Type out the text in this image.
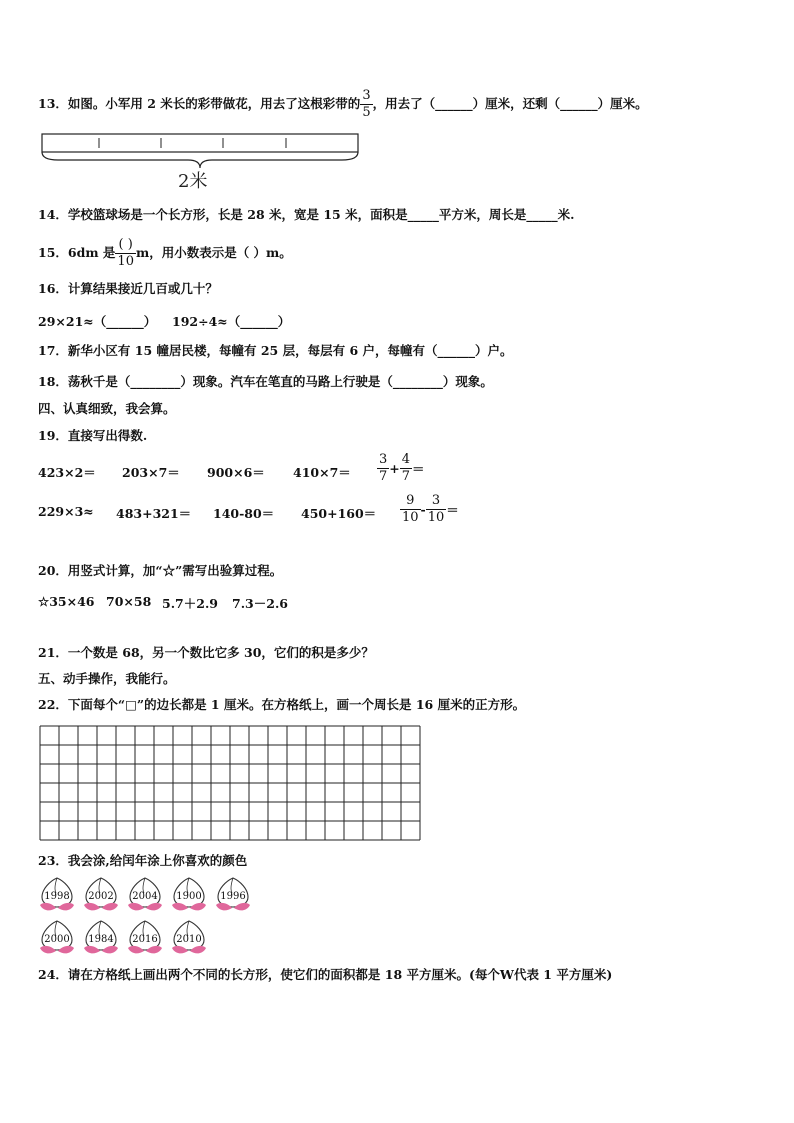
13．如图。小军用 2 米长的彩带做花，用去了这根彩带的 $\frac{3}{5}$ ，用去了（______）厘米，还剩（______）厘米。
2米
14．学校篮球场是一个长方形，长是 28 米，宽是 15 米，面积是_____平方米，周长是_____米.
15．6dm 是 $\frac{( )}{10}$ m，用小数表示是（ ）m。
16．计算结果接近几百或几十？
29×21≈（______） 192÷4≈（______）
17．新华小区有 15 幢居民楼，每幢有 25 层，每层有 6 户，每幢有（______）户。
18．荡秋千是（________）现象。汽车在笔直的马路上行驶是（________）现象。
四、认真细致，我会算。
19．直接写出得数.
$423\times 2= 203\times 7= 900\times 6= 410\times 7= \frac{3}{7} + \frac{4}{7}$ ＝
$229\times 3\approx 483+321= 140-80= 450+160= \frac{9}{10} - \frac{3}{10}$ ＝
20．用竖式计算，加“☆”需写出验算过程。
☆35×46 70×58 5.7＋2.9 7.3－2.6
21．一个数是 68，另一个数比它多 30，它们的积是多少？
五、动手操作，我能行。
22．下面每个“□”的边长都是 1 厘米。在方格纸上，画一个周长是 16 厘米的正方形。
23．我会涂,给闰年涂上你喜欢的颜色
1998 2002 2004 1900 1996
2000 1984 2016 2010
24．请在方格纸上画出两个不同的长方形，使它们的面积都是 18 平方厘米。(每个W代表 1 平方厘米)
